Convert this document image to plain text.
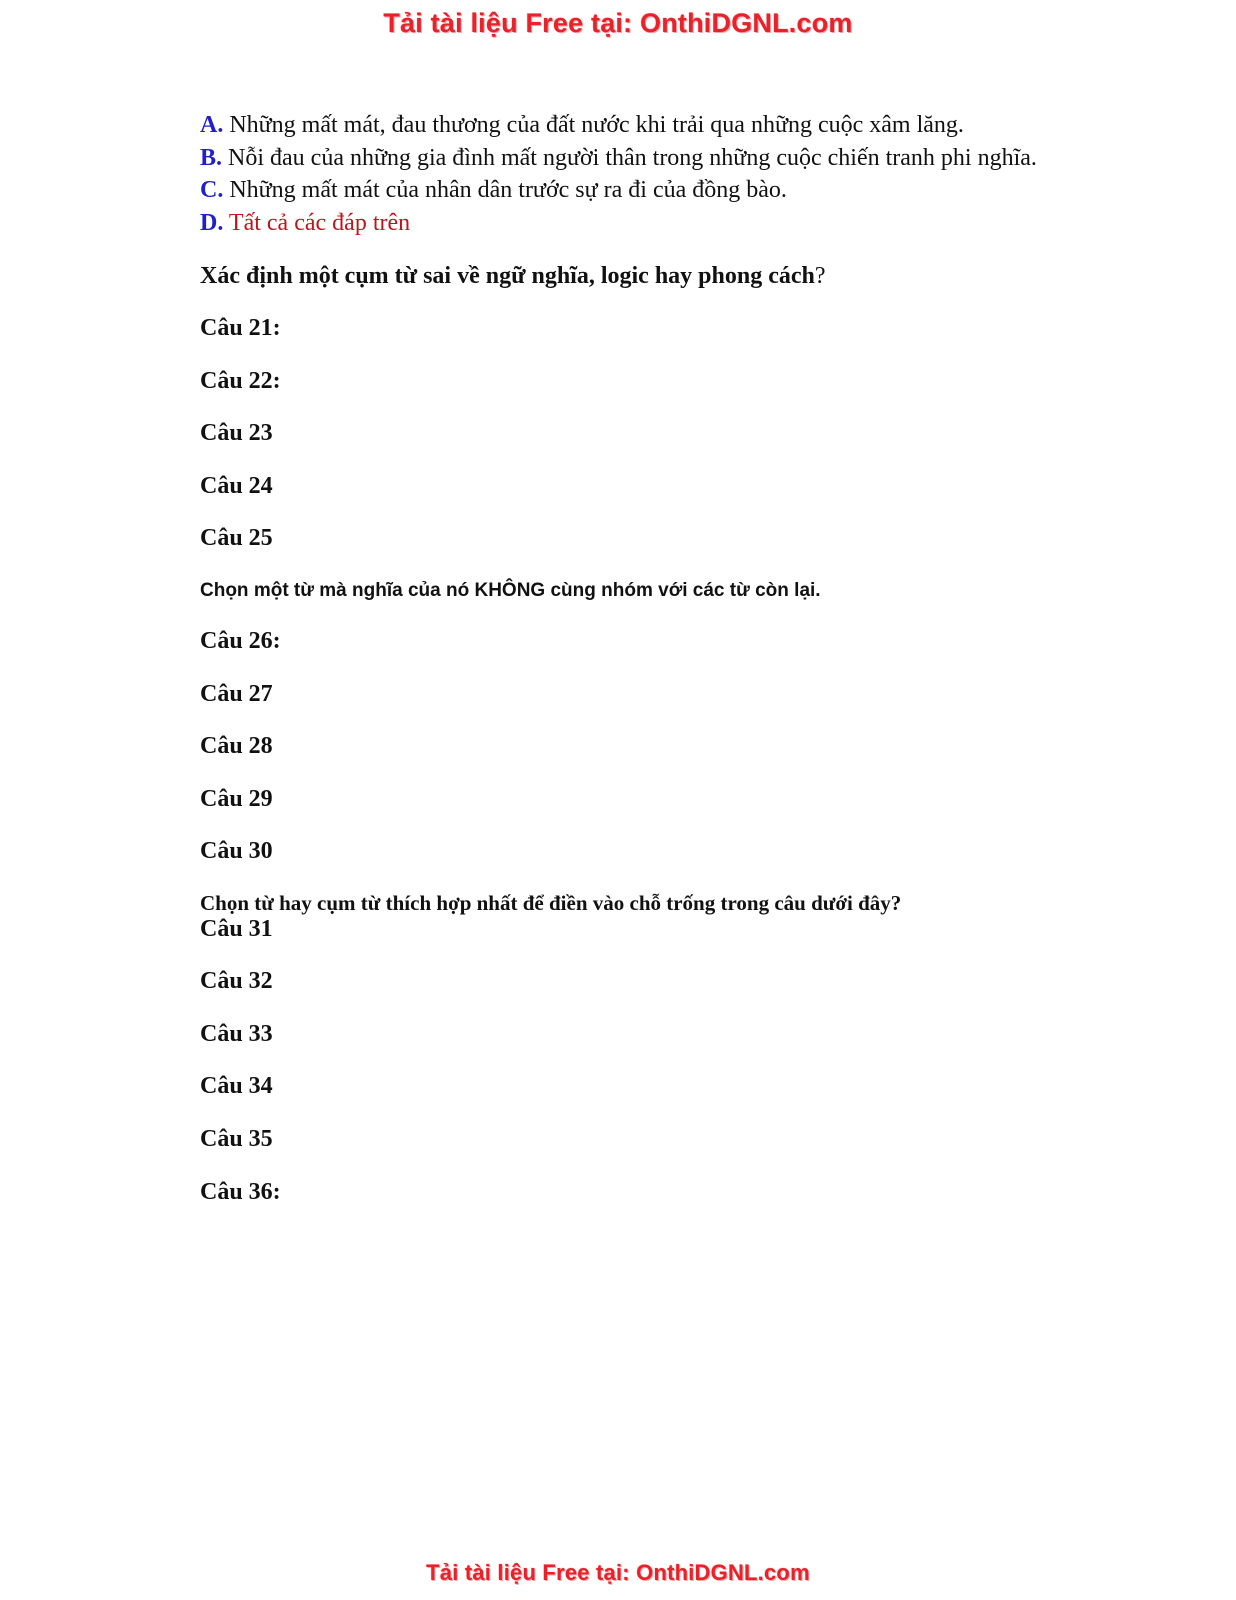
Tải tài liệu Free tại: OnthiDGNL.com
A. Những mất mát, đau thương của đất nước khi trải qua những cuộc xâm lăng.
B. Nỗi đau của những gia đình mất người thân trong những cuộc chiến tranh phi nghĩa.
C. Những mất mát của nhân dân trước sự ra đi của đồng bào.
D. Tất cả các đáp trên
Xác định một cụm từ sai về ngữ nghĩa, logic hay phong cách?
Câu 21:
Câu 22:
Câu 23
Câu 24
Câu 25
Chọn một từ mà nghĩa của nó KHÔNG cùng nhóm với các từ còn lại.
Câu 26:
Câu 27
Câu 28
Câu 29
Câu 30
Chọn từ hay cụm từ thích hợp nhất để điền vào chỗ trống trong câu dưới đây?
Câu 31
Câu 32
Câu 33
Câu 34
Câu 35
Câu 36:
Tải tài liệu Free tại: OnthiDGNL.com
